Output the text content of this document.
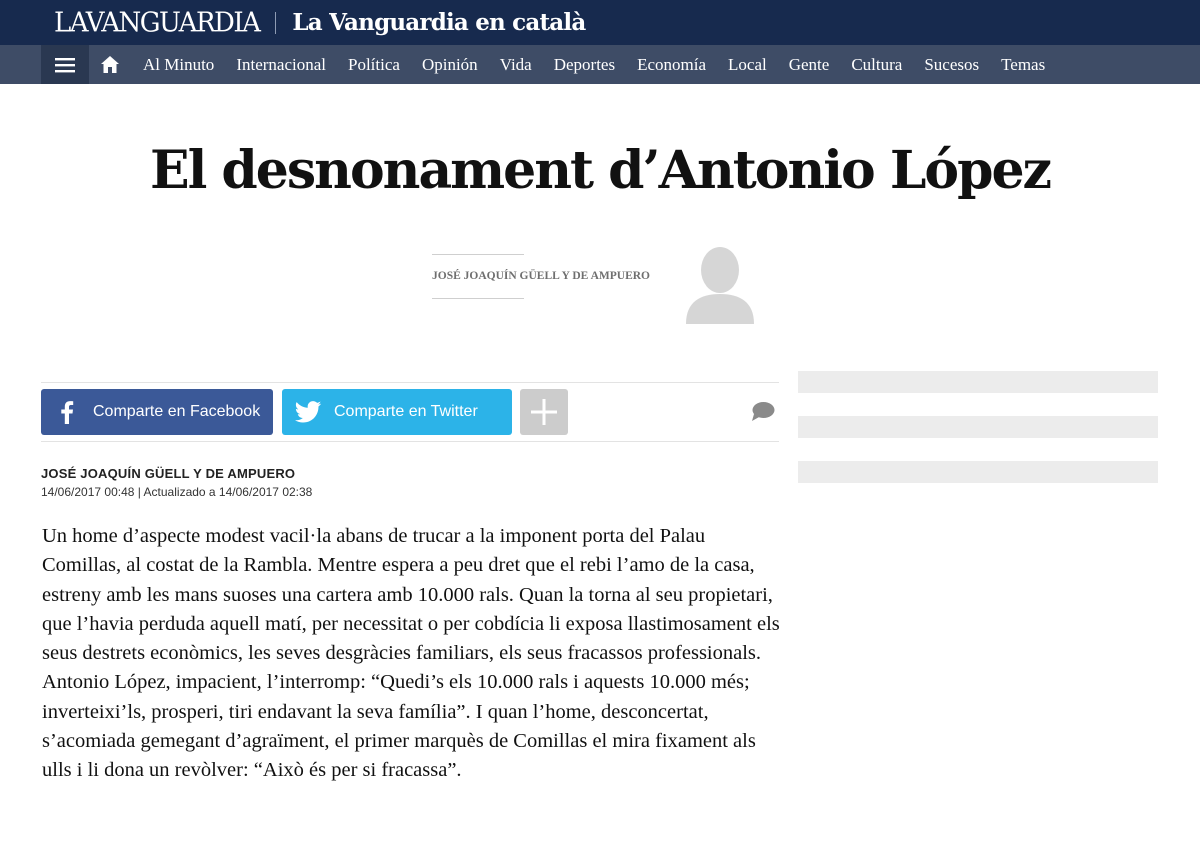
LAVANGUARDIA La Vanguardia en català
Al Minuto Internacional Política Opinión Vida Deportes Economía Local Gente Cultura Sucesos Temas
El desnonament d’Antonio López
JOSÉ JOAQUÍN GÜELL Y DE AMPUERO
Comparte en Facebook	Comparte en Twitter
JOSÉ JOAQUÍN GÜELL Y DE AMPUERO
14/06/2017 00:48 | Actualizado a 14/06/2017 02:38

Un home d’aspecte modest vacil·la abans de trucar a la imponent porta del Palau Comillas, al costat de la Rambla. Mentre espera a peu dret que el rebi l’amo de la casa, estreny amb les mans suoses una cartera amb 10.000 rals. Quan la torna al seu propietari, que l’havia perduda aquell matí, per necessitat o per cobdícia li exposa llastimosament els seus destrets econòmics, les seves desgràcies familiars, els seus fracassos professionals. Antonio López, impacient, l’interromp: “Quedi’s els 10.000 rals i aquests 10.000 més; inverteixi’ls, prosperi, tiri endavant la seva família”. I quan l’home, desconcertat, s’acomiada gemegant d’agraïment, el primer marquès de Comillas el mira fixament als ulls i li dona un revòlver: “Això és per si fracassa”.
